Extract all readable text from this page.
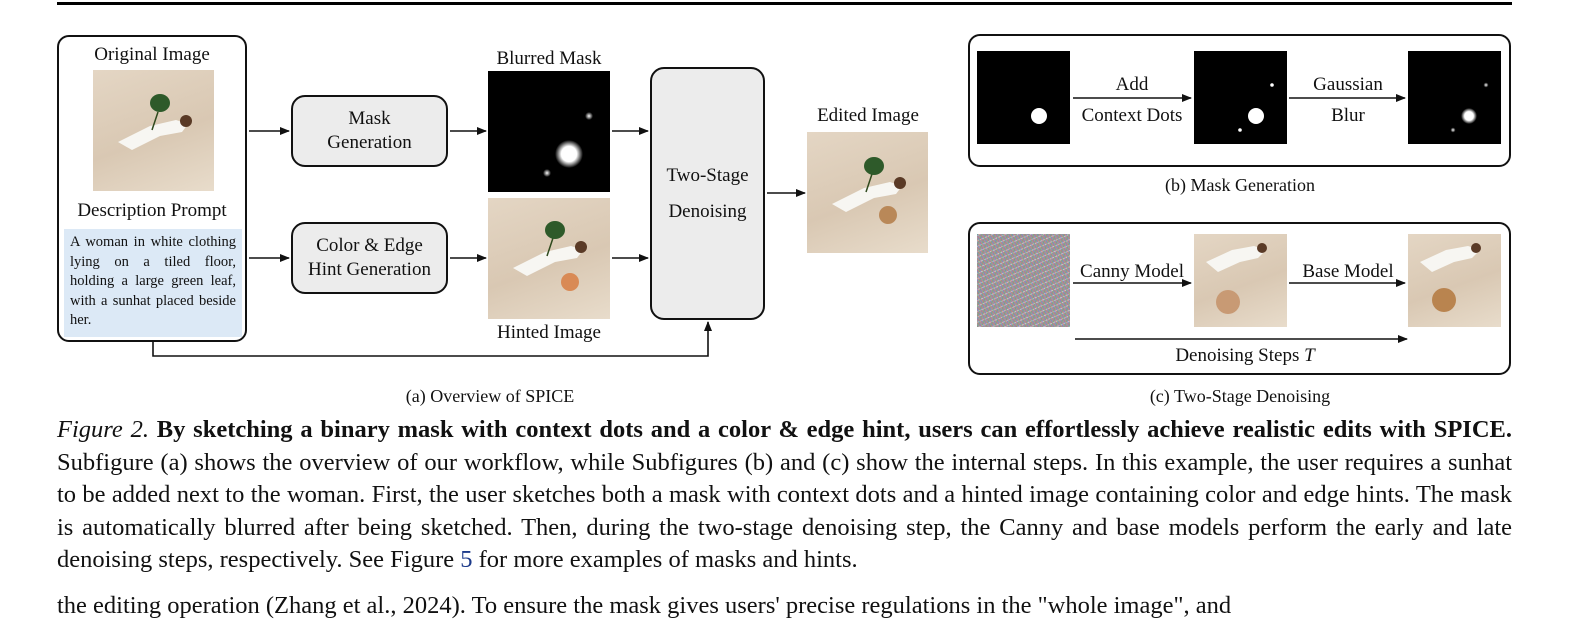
Original Image
Description Prompt
A woman in white clothing lying on a tiled floor, holding a large green leaf, with a sunhat placed beside her.
Mask Generation
Color & Edge Hint Generation
Blurred Mask
Hinted Image
Two-Stage Denoising
Edited Image
(a) Overview of SPICE
Add
Context Dots
Gaussian
Blur
(b) Mask Generation
Canny Model	Base Model
Denoising Steps T
(c) Two-Stage Denoising
Figure 2. By sketching a binary mask with context dots and a color & edge hint, users can effortlessly achieve realistic edits with SPICE. Subfigure (a) shows the overview of our workflow, while Subfigures (b) and (c) show the internal steps. In this example, the user requires a sunhat to be added next to the woman. First, the user sketches both a mask with context dots and a hinted image containing color and edge hints. The mask is automatically blurred after being sketched. Then, during the two-stage denoising step, the Canny and base models perform the early and late denoising steps, respectively. See Figure 5 for more examples of masks and hints.
the editing operation (Zhang et al., 2024). To ensure the mask gives users' precise regulations in the "whole image", and
